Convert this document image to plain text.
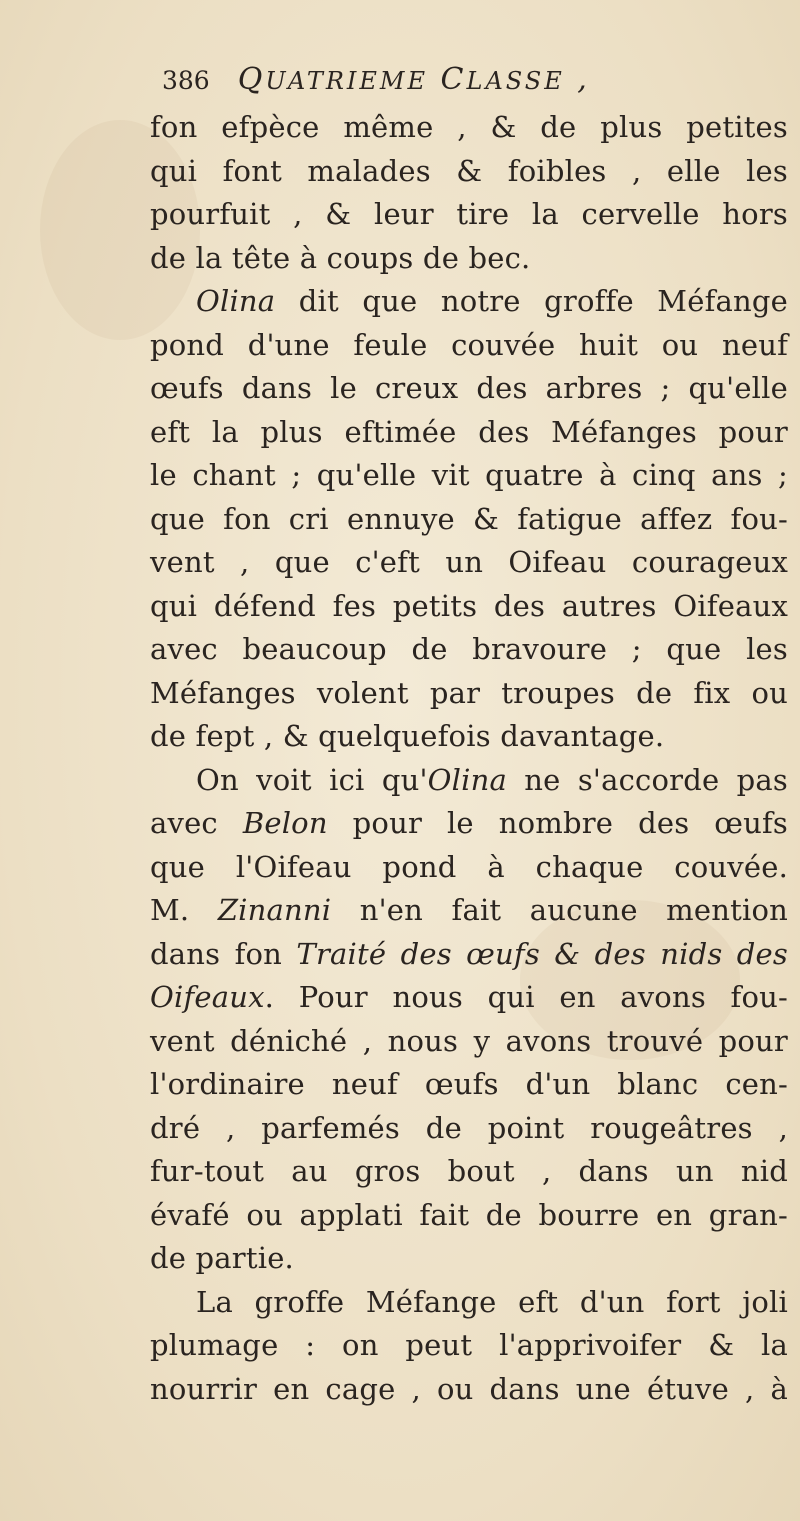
386 QUATRIEME CLASSE ,
fon efpèce même , & de plus petites
qui font malades & foibles , elle les
pourfuit , & leur tire la cervelle hors
de la tête à coups de bec.
Olina dit que notre groffe Méfange
pond d'une feule couvée huit ou neuf
œufs dans le creux des arbres ; qu'elle
eft la plus eftimée des Méfanges pour
le chant ; qu'elle vit quatre à cinq ans ;
que fon cri ennuye & fatigue affez fou-
vent , que c'eft un Oifeau courageux
qui défend fes petits des autres Oifeaux
avec beaucoup de bravoure ; que les
Méfanges volent par troupes de fix ou
de fept , & quelquefois davantage.
On voit ici qu'Olina ne s'accorde pas
avec Belon pour le nombre des œufs
que l'Oifeau pond à chaque couvée.
M. Zinanni n'en fait aucune mention
dans fon Traité des œufs & des nids des
Oifeaux. Pour nous qui en avons fou-
vent déniché , nous y avons trouvé pour
l'ordinaire neuf œufs d'un blanc cen-
dré , parfemés de point rougeâtres ,
fur-tout au gros bout , dans un nid
évafé ou applati fait de bourre en gran-
de partie.
La groffe Méfange eft d'un fort joli
plumage : on peut l'apprivoifer & la
nourrir en cage , ou dans une étuve , à
